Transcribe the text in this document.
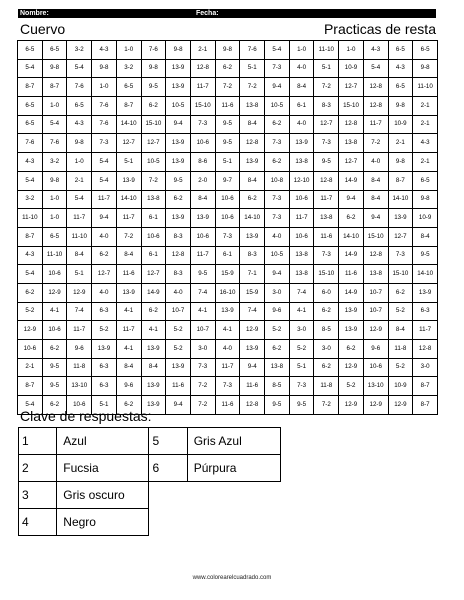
Nombre:	Fecha:
Cuervo	Practicas de resta
6-5	6-5	3-2	4-3	1-0	7-6	9-8	2-1	9-8	7-6	5-4	1-0	11-10	1-0	4-3	6-5	6-5
5-4	9-8	5-4	9-8	3-2	9-8	13-9	12-8	6-2	5-1	7-3	4-0	5-1	10-9	5-4	4-3	9-8
8-7	8-7	7-6	1-0	6-5	9-5	13-9	11-7	7-2	7-2	9-4	8-4	7-2	12-7	12-8	6-5	11-10
6-5	1-0	6-5	7-6	8-7	6-2	10-5	15-10	11-6	13-8	10-5	6-1	8-3	15-10	12-8	9-8	2-1
6-5	5-4	4-3	7-6	14-10	15-10	9-4	7-3	9-5	8-4	6-2	4-0	12-7	12-8	11-7	10-9	2-1
7-6	7-6	9-8	7-3	12-7	12-7	13-9	10-6	9-5	12-8	7-3	13-9	7-3	13-8	7-2	2-1	4-3
4-3	3-2	1-0	5-4	5-1	10-5	13-9	8-6	5-1	13-9	6-2	13-8	9-5	12-7	4-0	9-8	2-1
5-4	9-8	2-1	5-4	13-9	7-2	9-5	2-0	9-7	8-4	10-8	12-10	12-8	14-9	8-4	8-7	6-5
3-2	1-0	5-4	11-7	14-10	13-8	6-2	8-4	10-6	6-2	7-3	10-6	11-7	9-4	8-4	14-10	9-8
11-10	1-0	11-7	9-4	11-7	6-1	13-9	13-9	10-6	14-10	7-3	11-7	13-8	6-2	9-4	13-9	10-9
8-7	6-5	11-10	4-0	7-2	10-6	8-3	10-6	7-3	13-9	4-0	10-6	11-6	14-10	15-10	12-7	8-4
4-3	11-10	8-4	6-2	8-4	6-1	12-8	11-7	6-1	8-3	10-5	13-8	7-3	14-9	12-8	7-3	9-5
5-4	10-6	5-1	12-7	11-6	12-7	8-3	9-5	15-9	7-1	9-4	13-8	15-10	11-6	13-8	15-10	14-10
6-2	12-9	12-9	4-0	13-9	14-9	4-0	7-4	16-10	15-9	3-0	7-4	6-0	14-9	10-7	6-2	13-9
5-2	4-1	7-4	6-3	4-1	6-2	10-7	4-1	13-9	7-4	9-6	4-1	6-2	13-9	10-7	5-2	6-3
12-9	10-6	11-7	5-2	11-7	4-1	5-2	10-7	4-1	12-9	5-2	3-0	8-5	13-9	12-9	8-4	11-7
10-6	6-2	9-6	13-9	4-1	13-9	5-2	3-0	4-0	13-9	6-2	5-2	3-0	6-2	9-6	11-8	12-8
2-1	9-5	11-8	6-3	8-4	8-4	13-9	7-3	11-7	9-4	13-8	5-1	6-2	12-9	10-6	5-2	3-0
8-7	9-5	13-10	6-3	9-6	13-9	11-6	7-2	7-3	11-6	8-5	7-3	11-8	5-2	13-10	10-9	8-7
5-4	6-2	10-6	5-1	6-2	13-9	9-4	7-2	11-6	12-8	9-5	9-5	7-2	12-9	12-9	12-9	8-7
Clave de respuestas:
1	Azul	5	Gris Azul
2	Fucsia	6	Púrpura
3	Gris oscuro		
4	Negro		
www.colorearelcuadrado.com
